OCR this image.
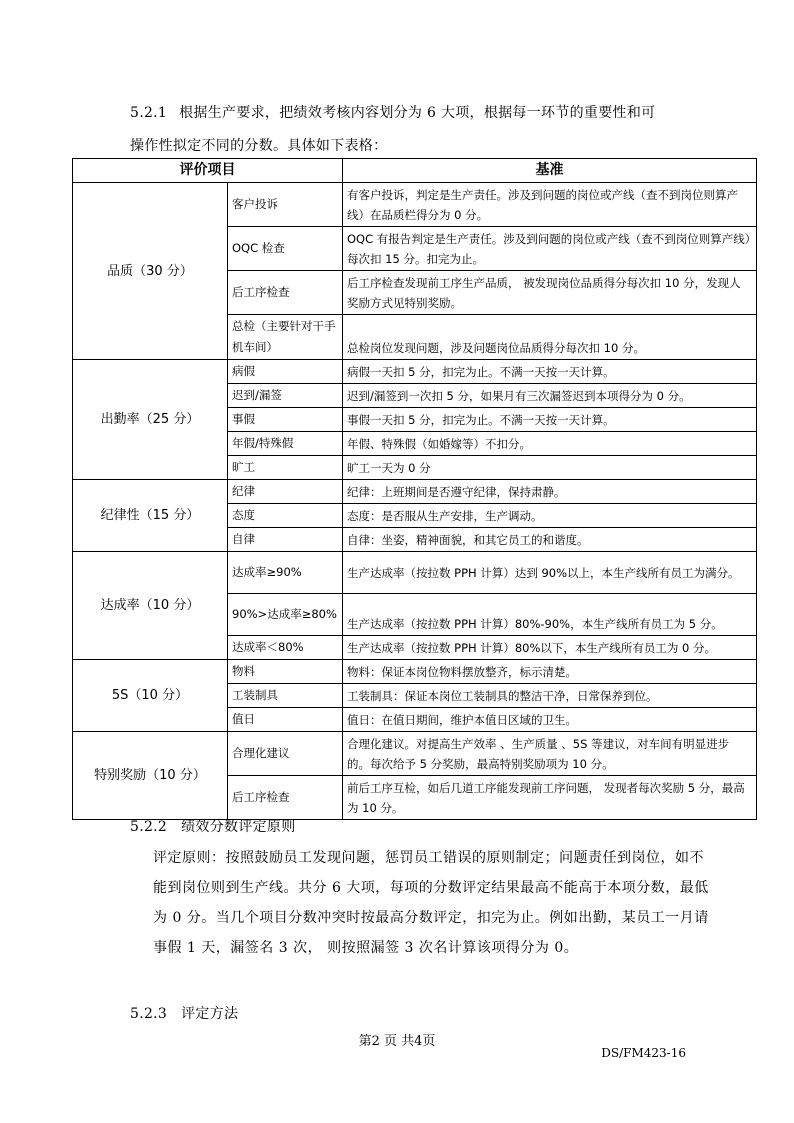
5.2.1 根据生产要求，把绩效考核内容划分为 6 大项，根据每一环节的重要性和可
操作性拟定不同的分数。具体如下表格：
评价项目		基准
品质（30 分）	客户投诉	有客户投诉，判定是生产责任。涉及到问题的岗位或产线（查不到岗位则算产线）在品质栏得分为 0 分。
	OQC 检查	OQC 有报告判定是生产责任。涉及到问题的岗位或产线（查不到岗位则算产线）每次扣 15 分。扣完为止。
	后工序检查	后工序检查发现前工序生产品质， 被发现岗位品质得分每次扣 10 分，发现人奖励方式见特别奖励。
	总检（主要针对干手机车间）	总检岗位发现问题，涉及问题岗位品质得分每次扣 10 分。
出勤率（25 分）	病假	病假一天扣 5 分，扣完为止。不满一天按一天计算。
	迟到/漏签	迟到/漏签到一次扣 5 分，如果月有三次漏签迟到本项得分为 0 分。
	事假	事假一天扣 5 分，扣完为止。不满一天按一天计算。
	年假/特殊假	年假、特殊假（如婚嫁等）不扣分。
	旷工	旷工一天为 0 分
纪律性（15 分）	纪律	纪律：上班期间是否遵守纪律，保持肃静。
	态度	态度：是否服从生产安排，生产调动。
	自律	自律：坐姿，精神面貌，和其它员工的和谐度。
达成率（10 分）	达成率≥90%	生产达成率（按拉数 PPH 计算）达到 90%以上，本生产线所有员工为满分。
	90%>达成率≥80%	生产达成率（按拉数 PPH 计算）80%-90%，本生产线所有员工为 5 分。
	达成率＜80%	生产达成率（按拉数 PPH 计算）80%以下，本生产线所有员工为 0 分。
5S（10 分）	物料	物料：保证本岗位物料摆放整齐，标示清楚。
	工装制具	工装制具：保证本岗位工装制具的整洁干净，日常保养到位。
	值日	值日：在值日期间，维护本值日区域的卫生。
特别奖励（10 分）	合理化建议	合理化建议。对提高生产效率 、生产质量 、5S 等建议，对车间有明显进步的。每次给予 5 分奖励，最高特别奖励项为 10 分。
	后工序检查	前后工序互检，如后几道工序能发现前工序问题， 发现者每次奖励 5 分，最高为 10 分。
5.2.2 绩效分数评定原则
评定原则：按照鼓励员工发现问题，惩罚员工错误的原则制定；问题责任到岗位，如不能到岗位则到生产线。共分 6 大项，每项的分数评定结果最高不能高于本项分数，最低为 0 分。当几个项目分数冲突时按最高分数评定，扣完为止。例如出勤，某员工一月请事假 1 天，漏签名 3 次， 则按照漏签 3 次名计算该项得分为 0。
5.2.3 评定方法
第2 页 共4页
DS/FM423-16
